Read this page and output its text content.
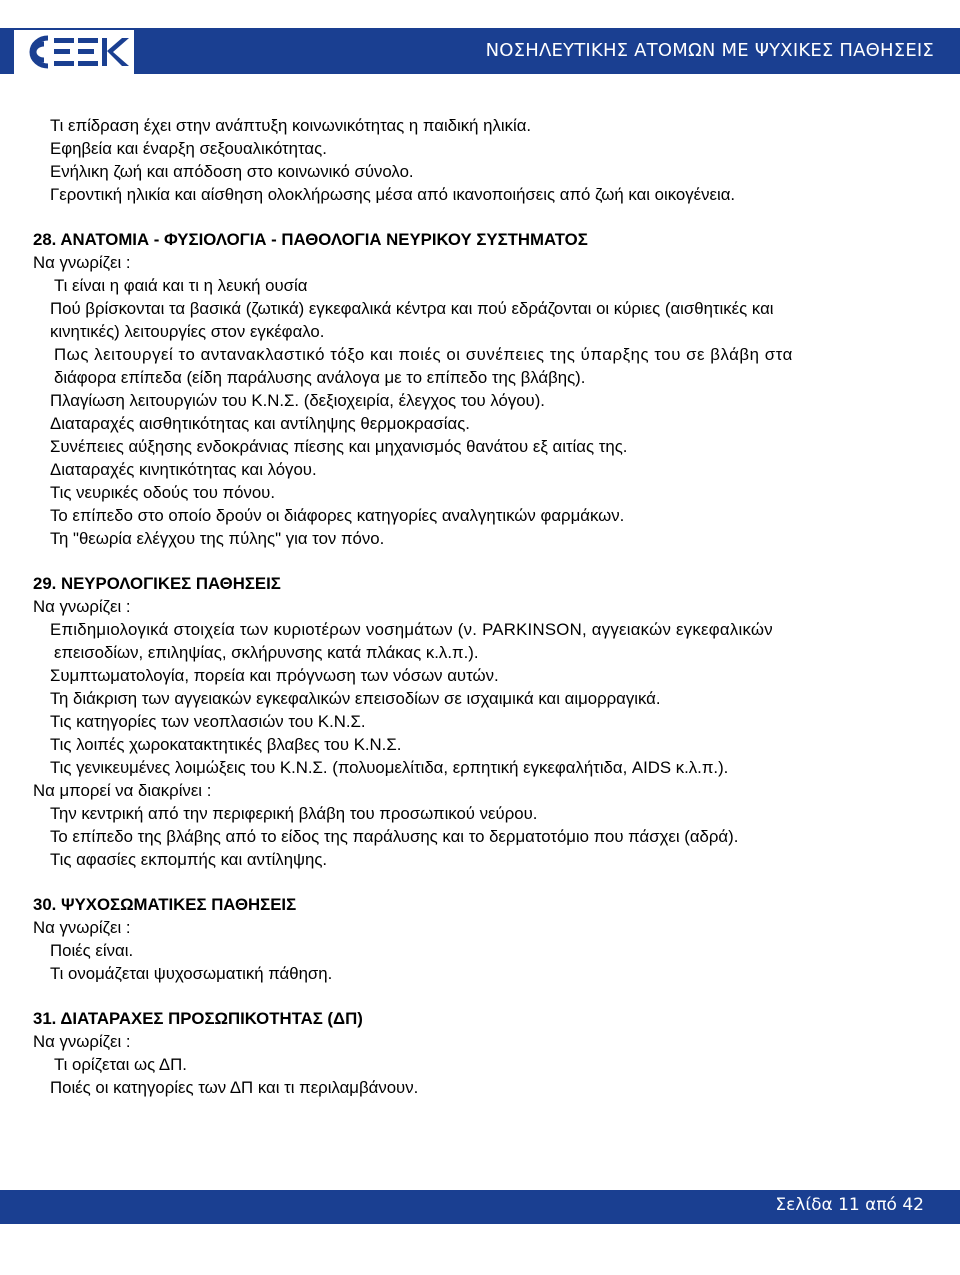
ΝΟΣΗΛΕΥΤΙΚΗΣ ΑΤΟΜΩΝ ΜΕ ΨΥΧΙΚΕΣ ΠΑΘΗΣΕΙΣ
Τι επίδραση έχει στην ανάπτυξη κοινωνικότητας η παιδική ηλικία.
Εφηβεία και έναρξη σεξουαλικότητας.
Ενήλικη ζωή και απόδοση στο κοινωνικό σύνολο.
Γεροντική ηλικία και αίσθηση ολοκλήρωσης μέσα από ικανοποιήσεις από ζωή και οικογένεια.
28. ΑΝΑΤΟΜΙΑ - ΦΥΣΙΟΛΟΓΙΑ - ΠΑΘΟΛΟΓΙΑ ΝΕΥΡΙΚΟΥ ΣΥΣΤΗΜΑΤΟΣ
Να γνωρίζει :
Τι είναι η φαιά και τι η λευκή ουσία
Πού βρίσκονται τα βασικά (ζωτικά) εγκεφαλικά κέντρα και πού εδράζονται οι κύριες (αισθητικές και
κινητικές) λειτουργίες στον εγκέφαλο.
Πως λειτουργεί το αντανακλαστικό τόξο και ποιές οι συνέπειες της ύπαρξης του σε βλάβη στα
διάφορα επίπεδα (είδη παράλυσης ανάλογα με το επίπεδο της βλάβης).
Πλαγίωση λειτουργιών του Κ.Ν.Σ. (δεξιοχειρία, έλεγχος του λόγου).
Διαταραχές αισθητικότητας και αντίληψης θερμοκρασίας.
Συνέπειες αύξησης ενδοκράνιας πίεσης και μηχανισμός θανάτου εξ αιτίας της.
Διαταραχές κινητικότητας και λόγου.
Τις νευρικές οδούς του πόνου.
Το επίπεδο στο οποίο δρούν οι διάφορες κατηγορίες αναλγητικών φαρμάκων.
Τη "θεωρία ελέγχου της πύλης" για τον πόνο.
29. ΝΕΥΡΟΛΟΓΙΚΕΣ ΠΑΘΗΣΕΙΣ
Να γνωρίζει :
Επιδημιολογικά στοιχεία των κυριοτέρων νοσημάτων (ν. PARKINSON, αγγειακών εγκεφαλικών
επεισοδίων, επιληψίας, σκλήρυνσης κατά πλάκας κ.λ.π.).
Συμπτωματολογία, πορεία και πρόγνωση των νόσων αυτών.
Τη διάκριση των αγγειακών εγκεφαλικών επεισοδίων σε ισχαιμικά και αιμορραγικά.
Τις κατηγορίες των νεοπλασιών του Κ.Ν.Σ.
Τις λοιπές χωροκατακτητικές βλαβες του Κ.Ν.Σ.
Τις γενικευμένες λοιμώξεις του Κ.Ν.Σ. (πολυομελίτιδα, ερπητική εγκεφαλήτιδα, AIDS κ.λ.π.).
Να μπορεί να διακρίνει :
Την κεντρική από την περιφερική βλάβη του προσωπικού νεύρου.
Το επίπεδο της βλάβης από το είδος της παράλυσης και το δερματοτόμιο που πάσχει (αδρά).
Τις αφασίες εκπομπής και αντίληψης.
30. ΨΥΧΟΣΩΜΑΤΙΚΕΣ ΠΑΘΗΣΕΙΣ
Να γνωρίζει :
Ποιές είναι.
Τι ονομάζεται ψυχοσωματική πάθηση.
31. ΔΙΑΤΑΡΑΧΕΣ ΠΡΟΣΩΠΙΚΟΤΗΤΑΣ (ΔΠ)
Να γνωρίζει :
Τι ορίζεται ως ΔΠ.
Ποιές οι κατηγορίες των ΔΠ και τι περιλαμβάνουν.
Σελίδα 11 από 42
